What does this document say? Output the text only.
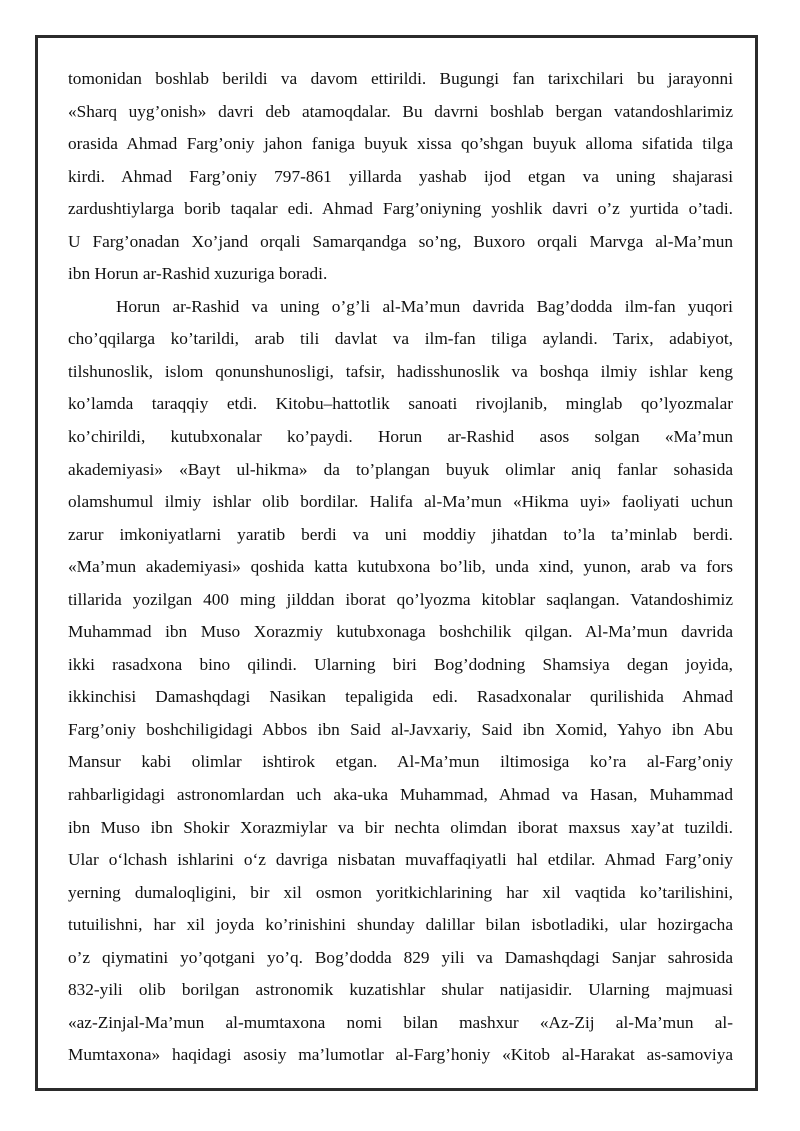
tomonidan boshlab berildi va davom ettirildi. Bugungi fan tarixchilari bu jarayonni
«Sharq uyg’onish» davri deb atamoqdalar. Bu davrni boshlab bergan vatandoshlarimiz
orasida Ahmad Farg’oniy jahon faniga buyuk xissa qo’shgan buyuk alloma sifatida tilga
kirdi. Ahmad Farg’oniy 797-861 yillarda yashab ijod etgan va uning shajarasi
zardushtiylarga borib taqalar edi. Ahmad Farg’oniyning yoshlik davri o’z yurtida o’tadi.
U Farg’onadan Xo’jand orqali Samarqandga so’ng, Buxoro orqali Marvga al-Ma’mun
ibn Horun ar-Rashid xuzuriga boradi.
Horun ar-Rashid va uning o’g’li al-Ma’mun davrida Bag’dodda ilm-fan yuqori
cho’qqilarga ko’tarildi, arab tili davlat va ilm-fan tiliga aylandi. Tarix, adabiyot,
tilshunoslik, islom qonunshunosligi, tafsir, hadisshunoslik va boshqa ilmiy ishlar keng
ko’lamda taraqqiy etdi. Kitobu–hattotlik sanoati rivojlanib, minglab qo’lyozmalar
ko’chirildi, kutubxonalar ko’paydi. Horun ar-Rashid asos solgan «Ma’mun
akademiyasi» «Bayt ul-hikma» da to’plangan buyuk olimlar aniq fanlar sohasida
olamshumul ilmiy ishlar olib bordilar. Halifa al-Ma’mun «Hikma uyi» faoliyati uchun
zarur imkoniyatlarni yaratib berdi va uni moddiy jihatdan to’la ta’minlab berdi.
«Ma’mun akademiyasi» qoshida katta kutubxona bo’lib, unda xind, yunon, arab va fors
tillarida yozilgan 400 ming jilddan iborat qo’lyozma kitoblar saqlangan. Vatandoshimiz
Muhammad ibn Muso Xorazmiy kutubxonaga boshchilik qilgan. Al-Ma’mun davrida
ikki rasadxona bino qilindi. Ularning biri Bog’dodning Shamsiya degan joyida,
ikkinchisi Damashqdagi Nasikan tepaligida edi. Rasadxonalar qurilishida Ahmad
Farg’oniy boshchiligidagi Abbos ibn Said al-Javxariy, Said ibn Xomid, Yahyo ibn Abu
Mansur kabi olimlar ishtirok etgan. Al-Ma’mun iltimosiga ko’ra al-Farg’oniy
rahbarligidagi astronomlardan uch aka-uka Muhammad, Ahmad va Hasan, Muhammad
ibn Muso ibn Shokir Xorazmiylar va bir nechta olimdan iborat maxsus xay’at tuzildi.
Ular o‘lchash ishlarini o‘z davriga nisbatan muvaffaqiyatli hal etdilar. Ahmad Farg’oniy
yerning dumaloqligini, bir xil osmon yoritkichlarining har xil vaqtida ko’tarilishini,
tutuilishni, har xil joyda ko’rinishini shunday dalillar bilan isbotladiki, ular hozirgacha
o’z qiymatini yo’qotgani yo’q. Bog’dodda 829 yili va Damashqdagi Sanjar sahrosida
832-yili olib borilgan astronomik kuzatishlar shular natijasidir. Ularning majmuasi
«az-Zinjal-Ma’mun al-mumtaxona nomi bilan mashxur «Az-Zij al-Ma’mun al-
Mumtaxona» haqidagi asosiy ma’lumotlar al-Farg’honiy «Kitob al-Harakat as-samoviya
